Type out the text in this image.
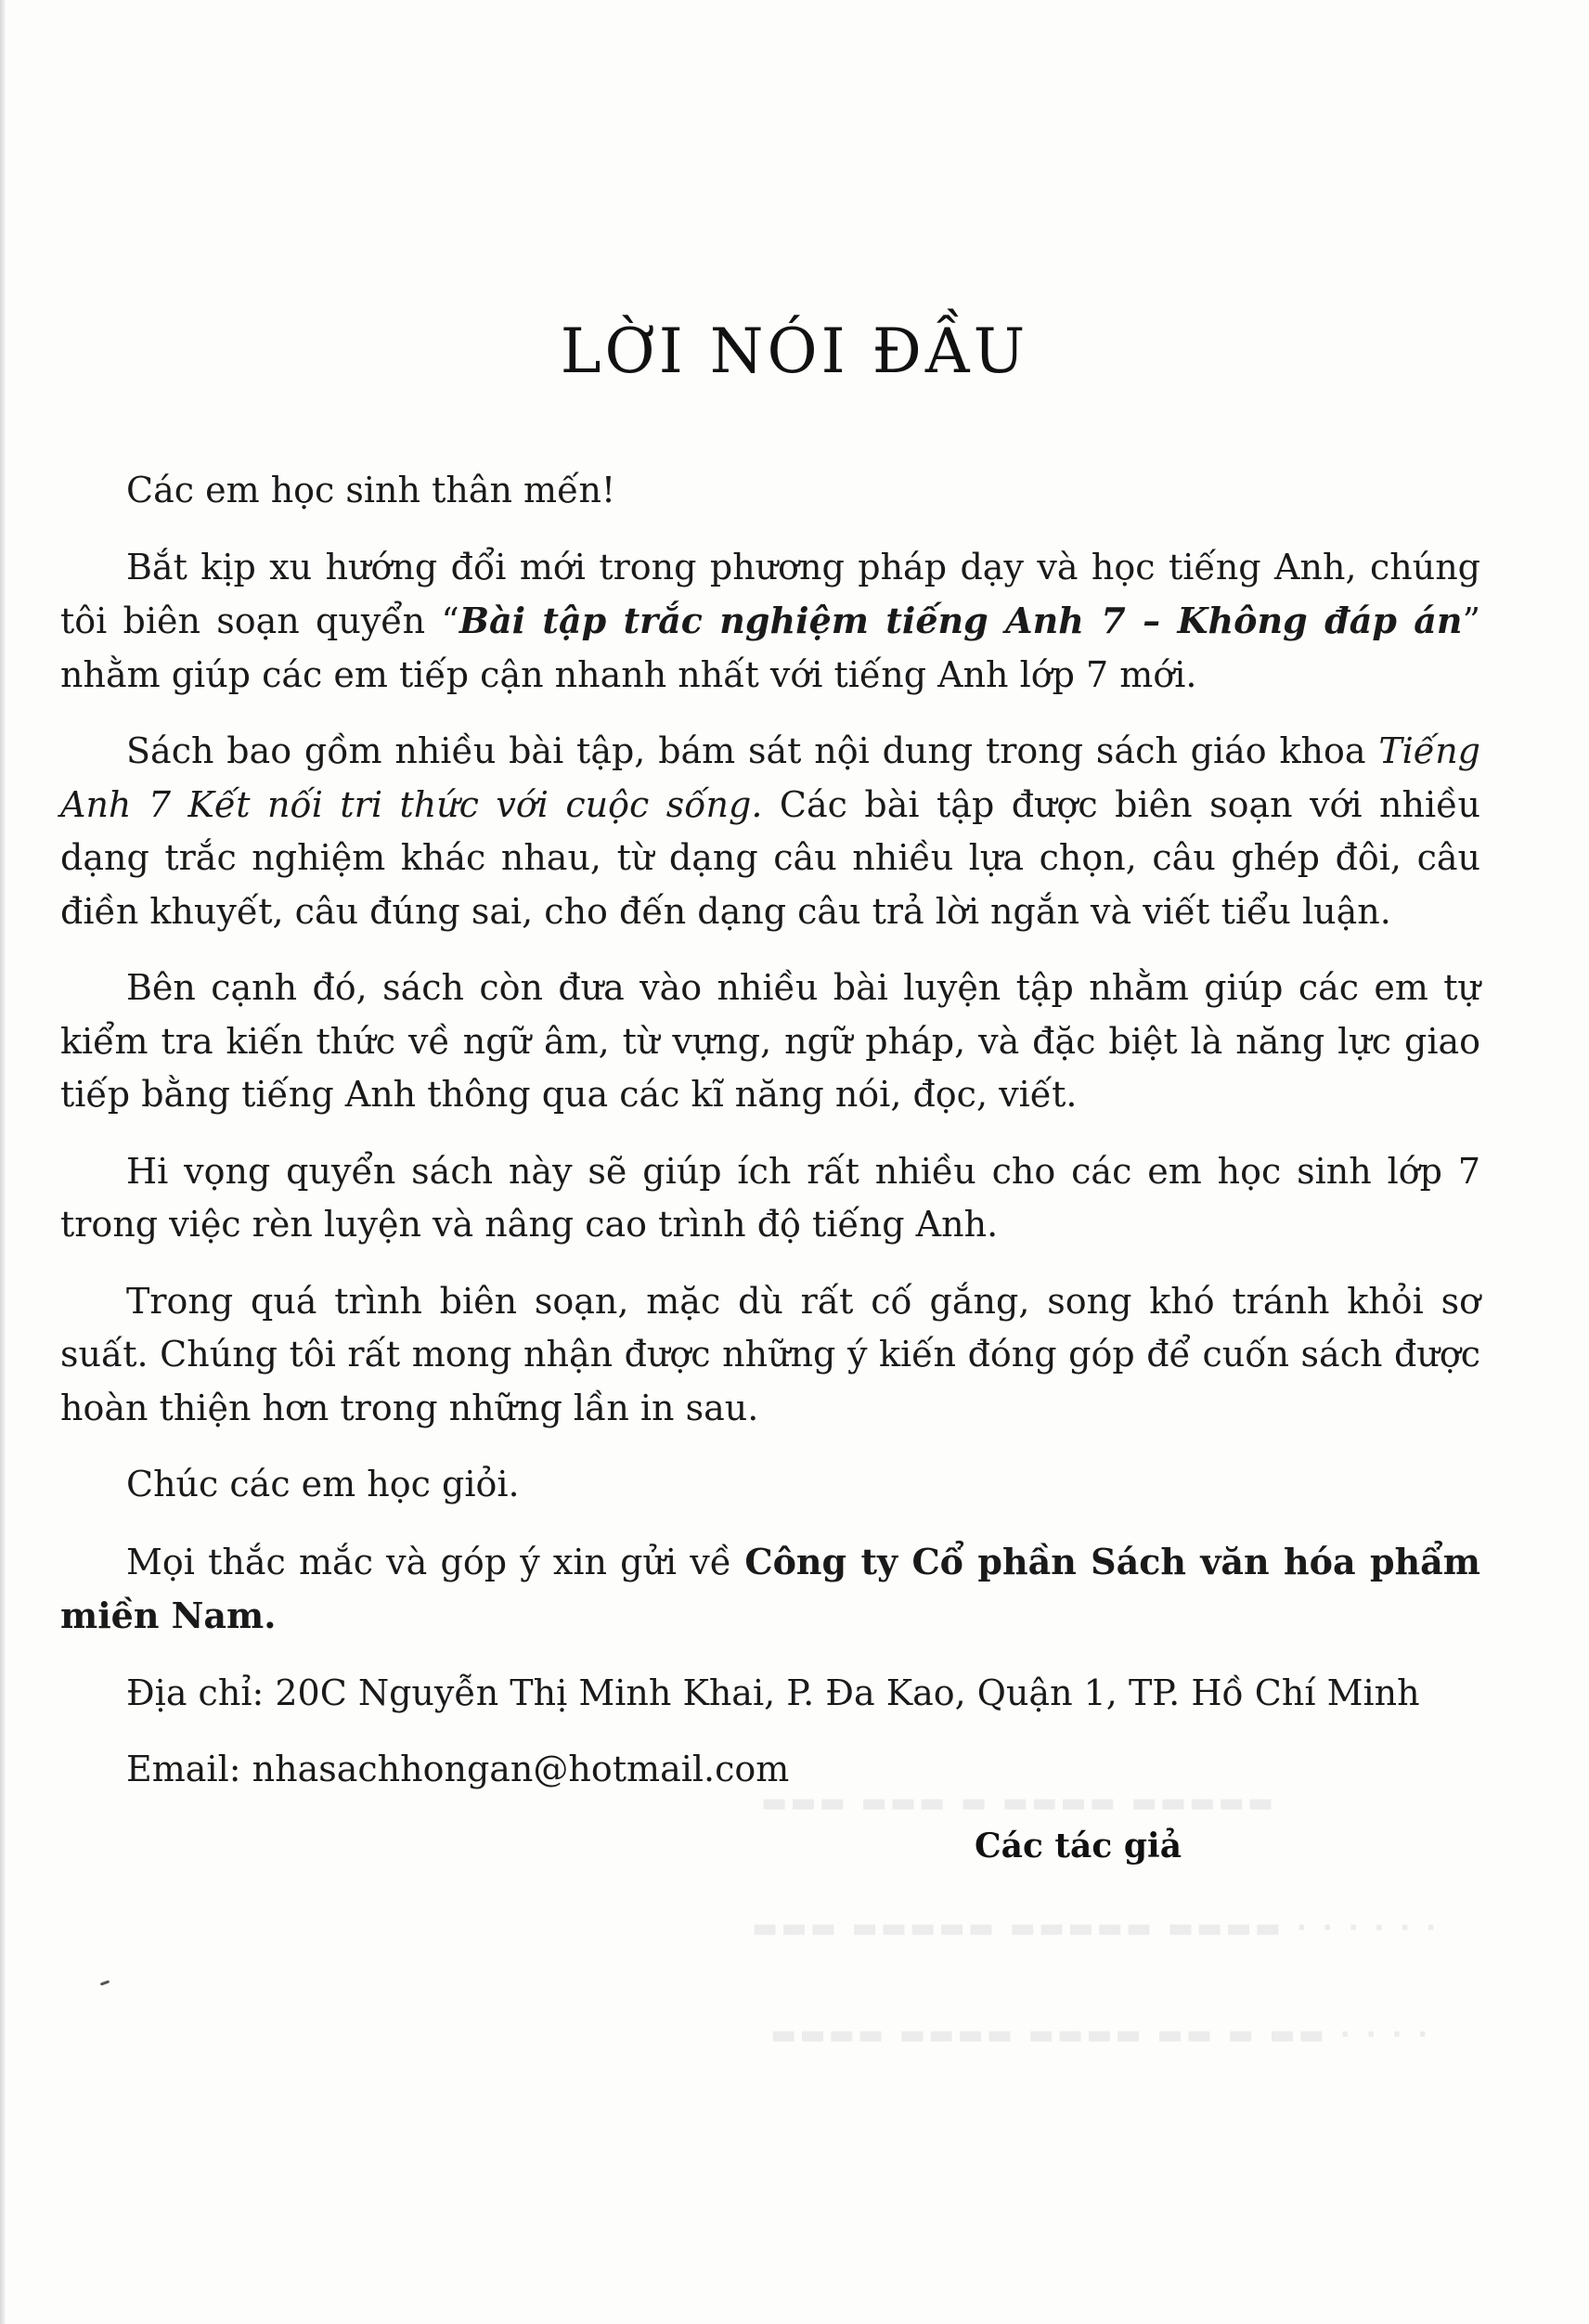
▬▬▬ ▬▬▬ ▬ ▬▬▬▬ ▬▬▬▬▬
▬▬▬ ▬▬▬▬▬ ▬▬▬▬▬ ▬▬▬▬ · · · · · ·
▬▬▬▬ ▬▬▬▬ ▬▬▬▬ ▬▬ ▬ ▬▬ · · · ·
LỜI NÓI ĐẦU

Các em học sinh thân mến!

Bắt kịp xu hướng đổi mới trong phương pháp dạy và học tiếng Anh, chúng tôi biên soạn quyển “Bài tập trắc nghiệm tiếng Anh 7 – Không đáp án” nhằm giúp các em tiếp cận nhanh nhất với tiếng Anh lớp 7 mới.

Sách bao gồm nhiều bài tập, bám sát nội dung trong sách giáo khoa Tiếng Anh 7 Kết nối tri thức với cuộc sống. Các bài tập được biên soạn với nhiều dạng trắc nghiệm khác nhau, từ dạng câu nhiều lựa chọn, câu ghép đôi, câu điền khuyết, câu đúng sai, cho đến dạng câu trả lời ngắn và viết tiểu luận.

Bên cạnh đó, sách còn đưa vào nhiều bài luyện tập nhằm giúp các em tự kiểm tra kiến thức về ngữ âm, từ vựng, ngữ pháp, và đặc biệt là năng lực giao tiếp bằng tiếng Anh thông qua các kĩ năng nói, đọc, viết.

Hi vọng quyển sách này sẽ giúp ích rất nhiều cho các em học sinh lớp 7 trong việc rèn luyện và nâng cao trình độ tiếng Anh.

Trong quá trình biên soạn, mặc dù rất cố gắng, song khó tránh khỏi sơ suất. Chúng tôi rất mong nhận được những ý kiến đóng góp để cuốn sách được hoàn thiện hơn trong những lần in sau.

Chúc các em học giỏi.

Mọi thắc mắc và góp ý xin gửi về Công ty Cổ phần Sách văn hóa phẩm miền Nam.

Địa chỉ: 20C Nguyễn Thị Minh Khai, P. Đa Kao, Quận 1, TP. Hồ Chí Minh

Email: nhasachhongan@hotmail.com

Các tác giả
